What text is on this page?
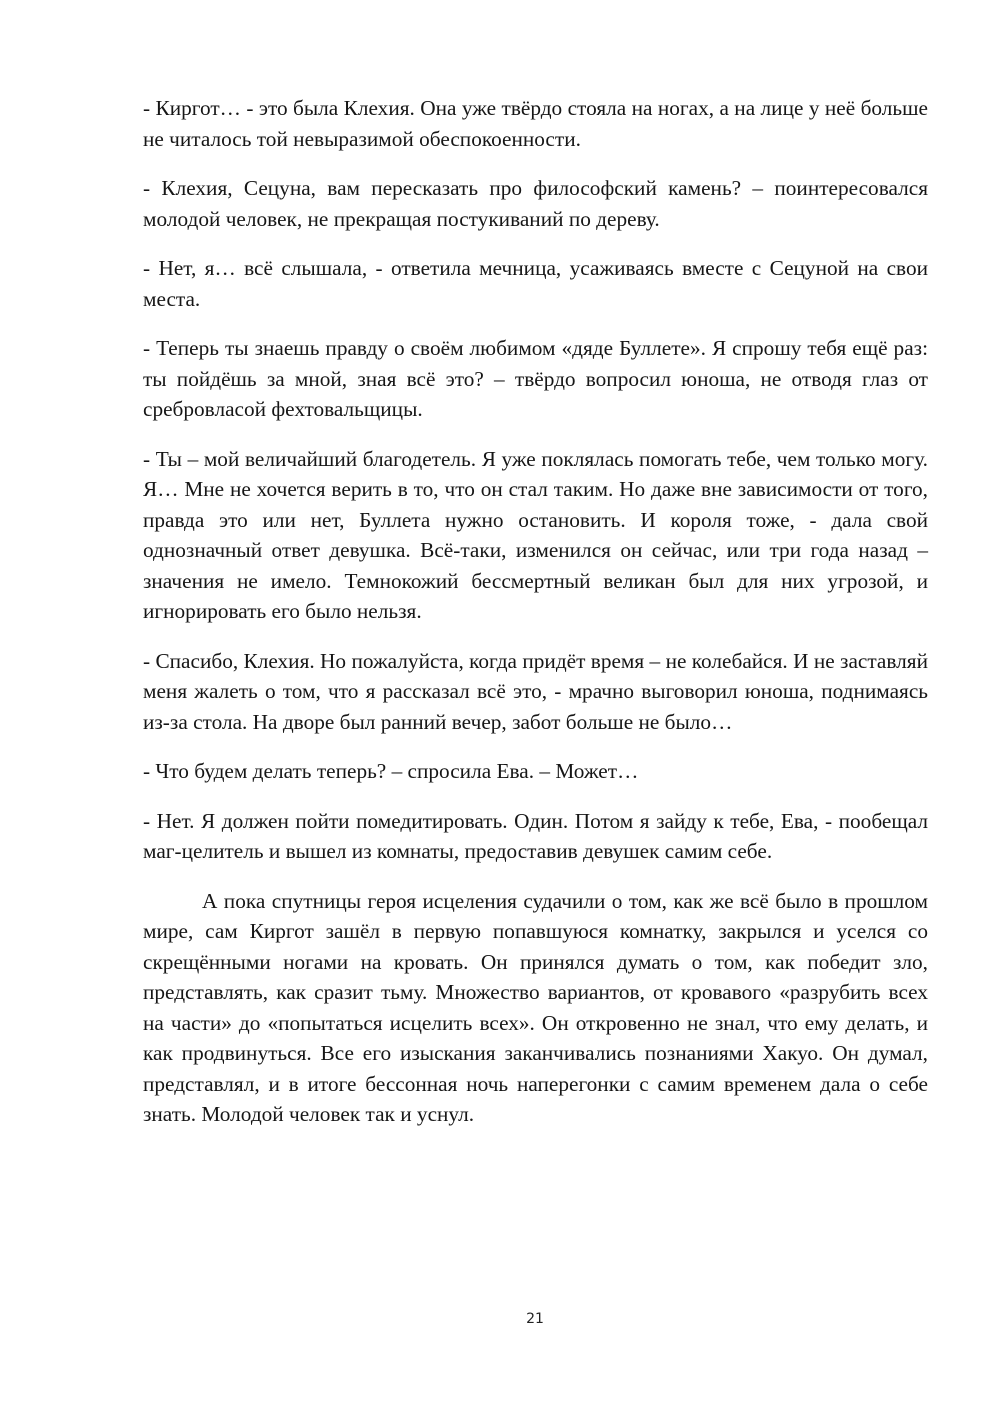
- Киргот… - это была Клехия. Она уже твёрдо стояла на ногах, а на лице у неё больше не читалось той невыразимой обеспокоенности.

- Клехия, Сецуна, вам пересказать про философский камень? – поинтересовался молодой человек, не прекращая постукиваний по дереву.

- Нет, я… всё слышала, - ответила мечница, усаживаясь вместе с Сецуной на свои места.

- Теперь ты знаешь правду о своём любимом «дяде Буллете». Я спрошу тебя ещё раз: ты пойдёшь за мной, зная всё это? – твёрдо вопросил юноша, не отводя глаз от сребровласой фехтовальщицы.

- Ты – мой величайший благодетель. Я уже поклялась помогать тебе, чем только могу. Я… Мне не хочется верить в то, что он стал таким. Но даже вне зависимости от того, правда это или нет, Буллета нужно остановить. И короля тоже, - дала свой однозначный ответ девушка. Всё-таки, изменился он сейчас, или три года назад – значения не имело. Темнокожий бессмертный великан был для них угрозой, и игнорировать его было нельзя.

- Спасибо, Клехия. Но пожалуйста, когда придёт время – не колебайся. И не заставляй меня жалеть о том, что я рассказал всё это, - мрачно выговорил юноша, поднимаясь из-за стола. На дворе был ранний вечер, забот больше не было…

- Что будем делать теперь? – спросила Ева. – Может…

- Нет. Я должен пойти помедитировать. Один. Потом я зайду к тебе, Ева, - пообещал маг-целитель и вышел из комнаты, предоставив девушек самим себе.

А пока спутницы героя исцеления судачили о том, как же всё было в прошлом мире, сам Киргот зашёл в первую попавшуюся комнатку, закрылся и уселся со скрещёнными ногами на кровать. Он принялся думать о том, как победит зло, представлять, как сразит тьму. Множество вариантов, от кровавого «разрубить всех на части» до «попытаться исцелить всех». Он откровенно не знал, что ему делать, и как продвинуться. Все его изыскания заканчивались познаниями Хакуо. Он думал, представлял, и в итоге бессонная ночь наперегонки с самим временем дала о себе знать. Молодой человек так и уснул.

21
